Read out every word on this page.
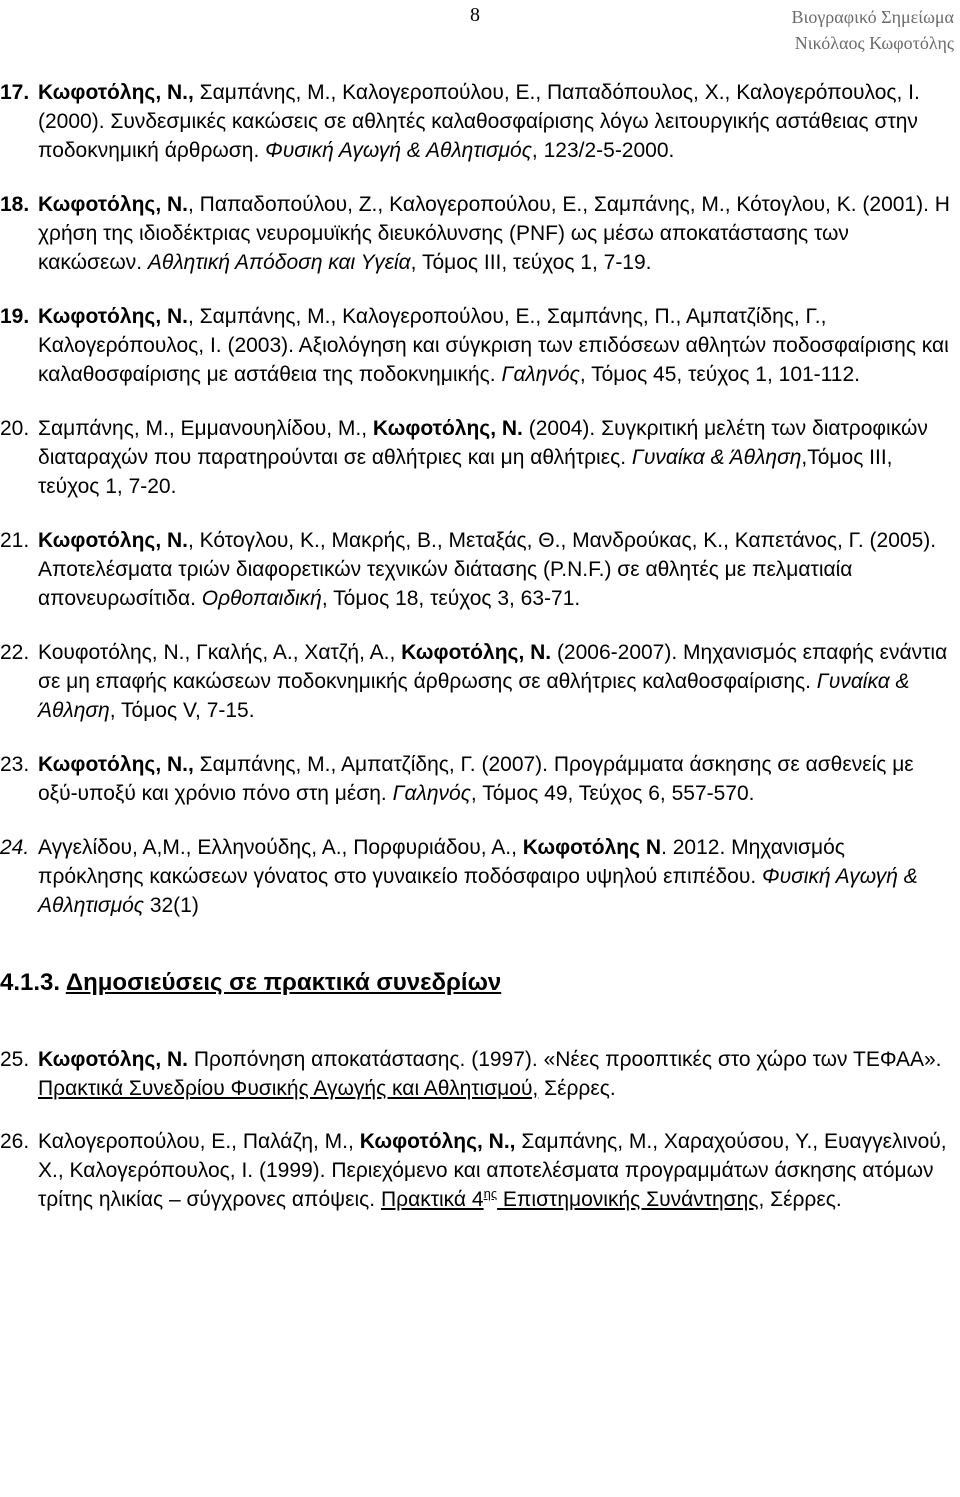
8	Βιογραφικό Σημείωμα
Νικόλαος Κωφοτόλης
17. Κωφοτόλης, Ν., Σαμπάνης, Μ., Καλογεροπούλου, Ε., Παπαδόπουλος, Χ., Καλογερόπουλος, Ι. (2000). Συνδεσμικές κακώσεις σε αθλητές καλαθοσφαίρισης λόγω λειτουργικής αστάθειας στην ποδοκνημική άρθρωση. Φυσική Αγωγή & Αθλητισμός, 123/2-5-2000.
18. Κωφοτόλης, Ν., Παπαδοπούλου, Ζ., Καλογεροπούλου, Ε., Σαμπάνης, Μ., Κότογλου, Κ. (2001). Η χρήση της ιδιοδέκτριας νευρομυϊκής διευκόλυνσης (PNF) ως μέσω αποκατάστασης των κακώσεων. Αθλητική Απόδοση και Υγεία, Τόμος ΙΙΙ, τεύχος 1, 7-19.
19. Κωφοτόλης, Ν., Σαμπάνης, Μ., Καλογεροπούλου, Ε., Σαμπάνης, Π., Αμπατζίδης, Γ., Καλογερόπουλος, Ι. (2003). Αξιολόγηση και σύγκριση των επιδόσεων αθλητών ποδοσφαίρισης και καλαθοσφαίρισης με αστάθεια της ποδοκνημικής. Γαληνός, Τόμος 45, τεύχος 1, 101-112.
20. Σαμπάνης, Μ., Εμμανουηλίδου, Μ., Κωφοτόλης, Ν. (2004). Συγκριτική μελέτη των διατροφικών διαταραχών που παρατηρούνται σε αθλήτριες και μη αθλήτριες. Γυναίκα & Άθληση,Τόμος ΙΙΙ, τεύχος 1, 7-20.
21. Κωφοτόλης, Ν., Κότογλου, Κ., Μακρής, Β., Μεταξάς, Θ., Μανδρούκας, Κ., Καπετάνος, Γ. (2005). Αποτελέσματα τριών διαφορετικών τεχνικών διάτασης (P.N.F.) σε αθλητές με πελματιαία απονευρωσίτιδα. Ορθοπαιδική, Τόμος 18, τεύχος 3, 63-71.
22. Κουφοτόλης, Ν., Γκαλής, Α., Χατζή, Α., Κωφοτόλης, Ν. (2006-2007). Μηχανισμός επαφής ενάντια σε μη επαφής κακώσεων ποδοκνημικής άρθρωσης σε αθλήτριες καλαθοσφαίρισης. Γυναίκα & Άθληση, Τόμος V, 7-15.
23. Κωφοτόλης, Ν., Σαμπάνης, Μ., Αμπατζίδης, Γ. (2007). Προγράμματα άσκησης σε ασθενείς με οξύ-υποξύ και χρόνιο πόνο στη μέση. Γαληνός, Τόμος 49, Τεύχος 6, 557-570.
24. Αγγελίδου, Α,Μ., Ελληνούδης, Α., Πορφυριάδου, Α., Κωφοτόλης Ν. 2012. Μηχανισμός πρόκλησης κακώσεων γόνατος στο γυναικείο ποδόσφαιρο υψηλού επιπέδου. Φυσική Αγωγή & Αθλητισμός 32(1)
4.1.3. Δημοσιεύσεις σε πρακτικά συνεδρίων
25. Κωφοτόλης, Ν. Προπόνηση αποκατάστασης. (1997). «Νέες προοπτικές στο χώρο των ΤΕΦΑΑ». Πρακτικά Συνεδρίου Φυσικής Αγωγής και Αθλητισμού, Σέρρες.
26. Καλογεροπούλου, Ε., Παλάζη, Μ., Κωφοτόλης, Ν., Σαμπάνης, Μ., Χαραχούσου, Υ., Ευαγγελινού, Χ., Καλογερόπουλος, Ι. (1999). Περιεχόμενο και αποτελέσματα προγραμμάτων άσκησης ατόμων τρίτης ηλικίας – σύγχρονες απόψεις. Πρακτικά $4^{\eta\varsigma}$ Επιστημονικής Συνάντησης, Σέρρες.
